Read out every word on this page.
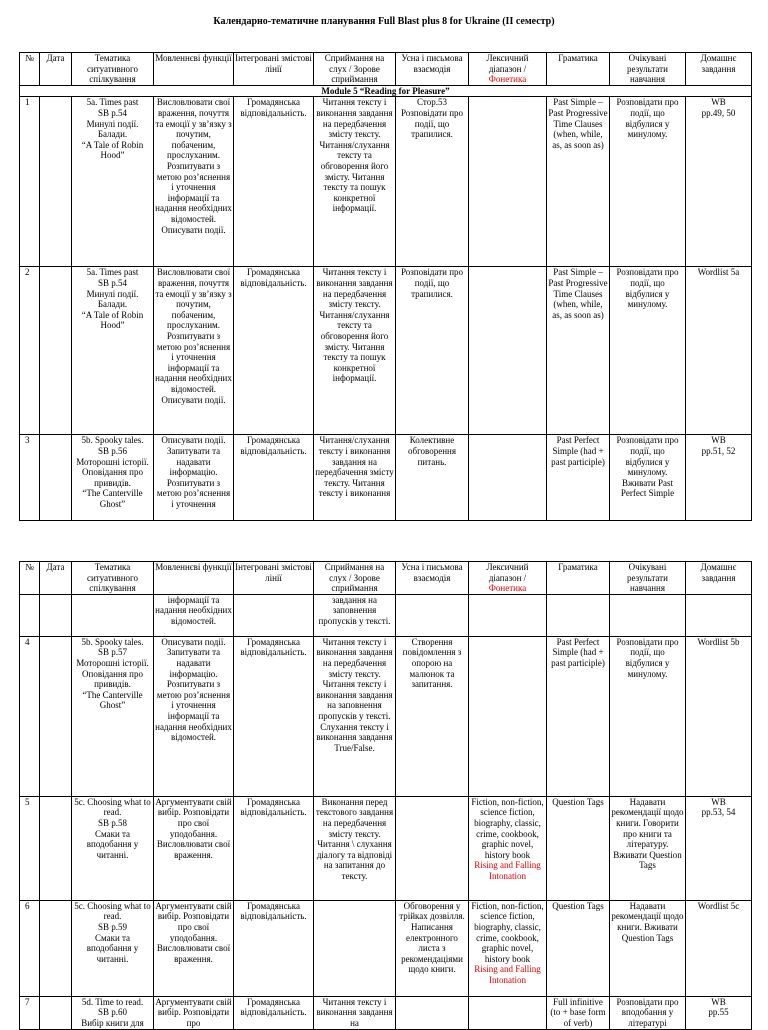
Календарно-тематичне планування Full Blast plus 8 for Ukraine (II семестр)
№	Дата	Тематика ситуативного спілкування	Мовленнєві функції	Інтегровані змістові лінії	Сприймання на слух / Зорове сприймання	Усна і письмова взаємодія	Лексичний діапазон /
Фонетика	Граматика	Очікувані результати навчання	Домашнє завдання
Module 5 “Reading for Pleasure”										
1		5a. Times past
SB p.54
Минулі події. Балади.
“A Tale of Robin Hood”	Висловлювати свої враження, почуття та емоції у зв’язку з почутим, побаченим, прослуханим. Розпитувати з метою роз’яснення і уточнення інформації та надання необхідних відомостей. Описувати події.	Громадянська відповідальність.	Читання тексту і виконання завдання на передбачення змісту тексту. Читання/слухання тексту та обговорення його змісту. Читання тексту та пошук конкретної інформації.	Стор.53 Розповідати про події, що трапилися.		Past Simple – Past Progressive Time Clauses (when, while, as, as soon as)	Розповідати про події, що відбулися у минулому.	WB
pp.49, 50
2		5a. Times past
SB p.54
Минулі події. Балади.
“A Tale of Robin Hood”	Висловлювати свої враження, почуття та емоції у зв’язку з почутим, побаченим, прослуханим. Розпитувати з метою роз’яснення і уточнення інформації та надання необхідних відомостей. Описувати події.	Громадянська відповідальність.	Читання тексту і виконання завдання на передбачення змісту тексту. Читання/слухання тексту та обговорення його змісту. Читання тексту та пошук конкретної інформації.	Розповідати про події, що трапилися.		Past Simple – Past Progressive Time Clauses (when, while, as, as soon as)	Розповідати про події, що відбулися у минулому.	Wordlist 5a
3		5b. Spooky tales.
SB p.56
Моторошні історії. Оповідання про привидів.
“The Canterville Ghost”	Описувати події. Запитувати та надавати інформацію. Розпитувати з метою роз’яснення і уточнення	Громадянська відповідальність.	Читання/слухання тексту і виконання завдання на передбачення змісту тексту. Читання тексту і виконання	Колективне обговорення питань.		Past Perfect Simple (had + past participle)	Розповідати про події, що відбулися у минулому. Вживати Past Perfect Simple	WB
pp.51, 52
№	Дата	Тематика ситуативного спілкування	Мовленнєві функції	Інтегровані змістові лінії	Сприймання на слух / Зорове сприймання	Усна і письмова взаємодія	Лексичний діапазон /
Фонетика	Граматика	Очікувані результати навчання	Домашнє завдання
			інформації та надання необхідних відомостей.		завдання на заповнення пропусків у тексті.		

4		5b. Spooky tales.
SB p.57
Моторошні історії. Оповідання про привидів.
“The Canterville Ghost”	Описувати події. Запитувати та надавати інформацію. Розпитувати з метою роз’яснення і уточнення інформації та надання необхідних відомостей.	Громадянська відповідальність.	Читання тексту і виконання завдання на передбачення змісту тексту. Читання тексту і виконання завдання на заповнення пропусків у тексті. Слухання тексту і виконання завдання True/False.	Створення повідомлення з опорою на малюнок та запитання.		Past Perfect Simple (had + past participle)	Розповідати про події, що відбулися у минулому.	Wordlist 5b
5		5c. Choosing what to read.
SB p.58
Смаки та вподобання у читанні.	Аргументувати свій вибір. Розповідати про свої уподобання. Висловлювати свої враження.	Громадянська відповідальність.	Виконання перед текстового завдання на передбачення змісту тексту. Читання \ слухання діалогу та відповіді на запитання до тексту.		Fiction, non-fiction, science fiction, biography, classic, crime, cookbook, graphic novel, history book
Rising and Falling Intonation	Question Tags	Надавати рекомендації щодо книги. Говорити про книги та літературу. Вживати Question Tags	WB
pp.53, 54
6		5c. Choosing what to read.
SB p.59
Смаки та вподобання у читанні.	Аргументувати свій вибір. Розповідати про свої уподобання. Висловлювати свої враження.	Громадянська відповідальність.		Обговорення у трійках дозвілля. Написання електронного листа з рекомендаціями щодо книги.	Fiction, non-fiction, science fiction, biography, classic, crime, cookbook, graphic novel, history book
Rising and Falling Intonation	Question Tags	Надавати рекомендації щодо книги. Вживати Question Tags	Wordlist 5c
7		5d. Time to read.
SB p.60
Вибір книги для	Аргументувати свій вибір. Розповідати про	Громадянська відповідальність.	Читання тексту і виконання завдання на			Full infinitive (to + base form of verb)	Розповідати про вподобання у літературі	WB
pp.55
